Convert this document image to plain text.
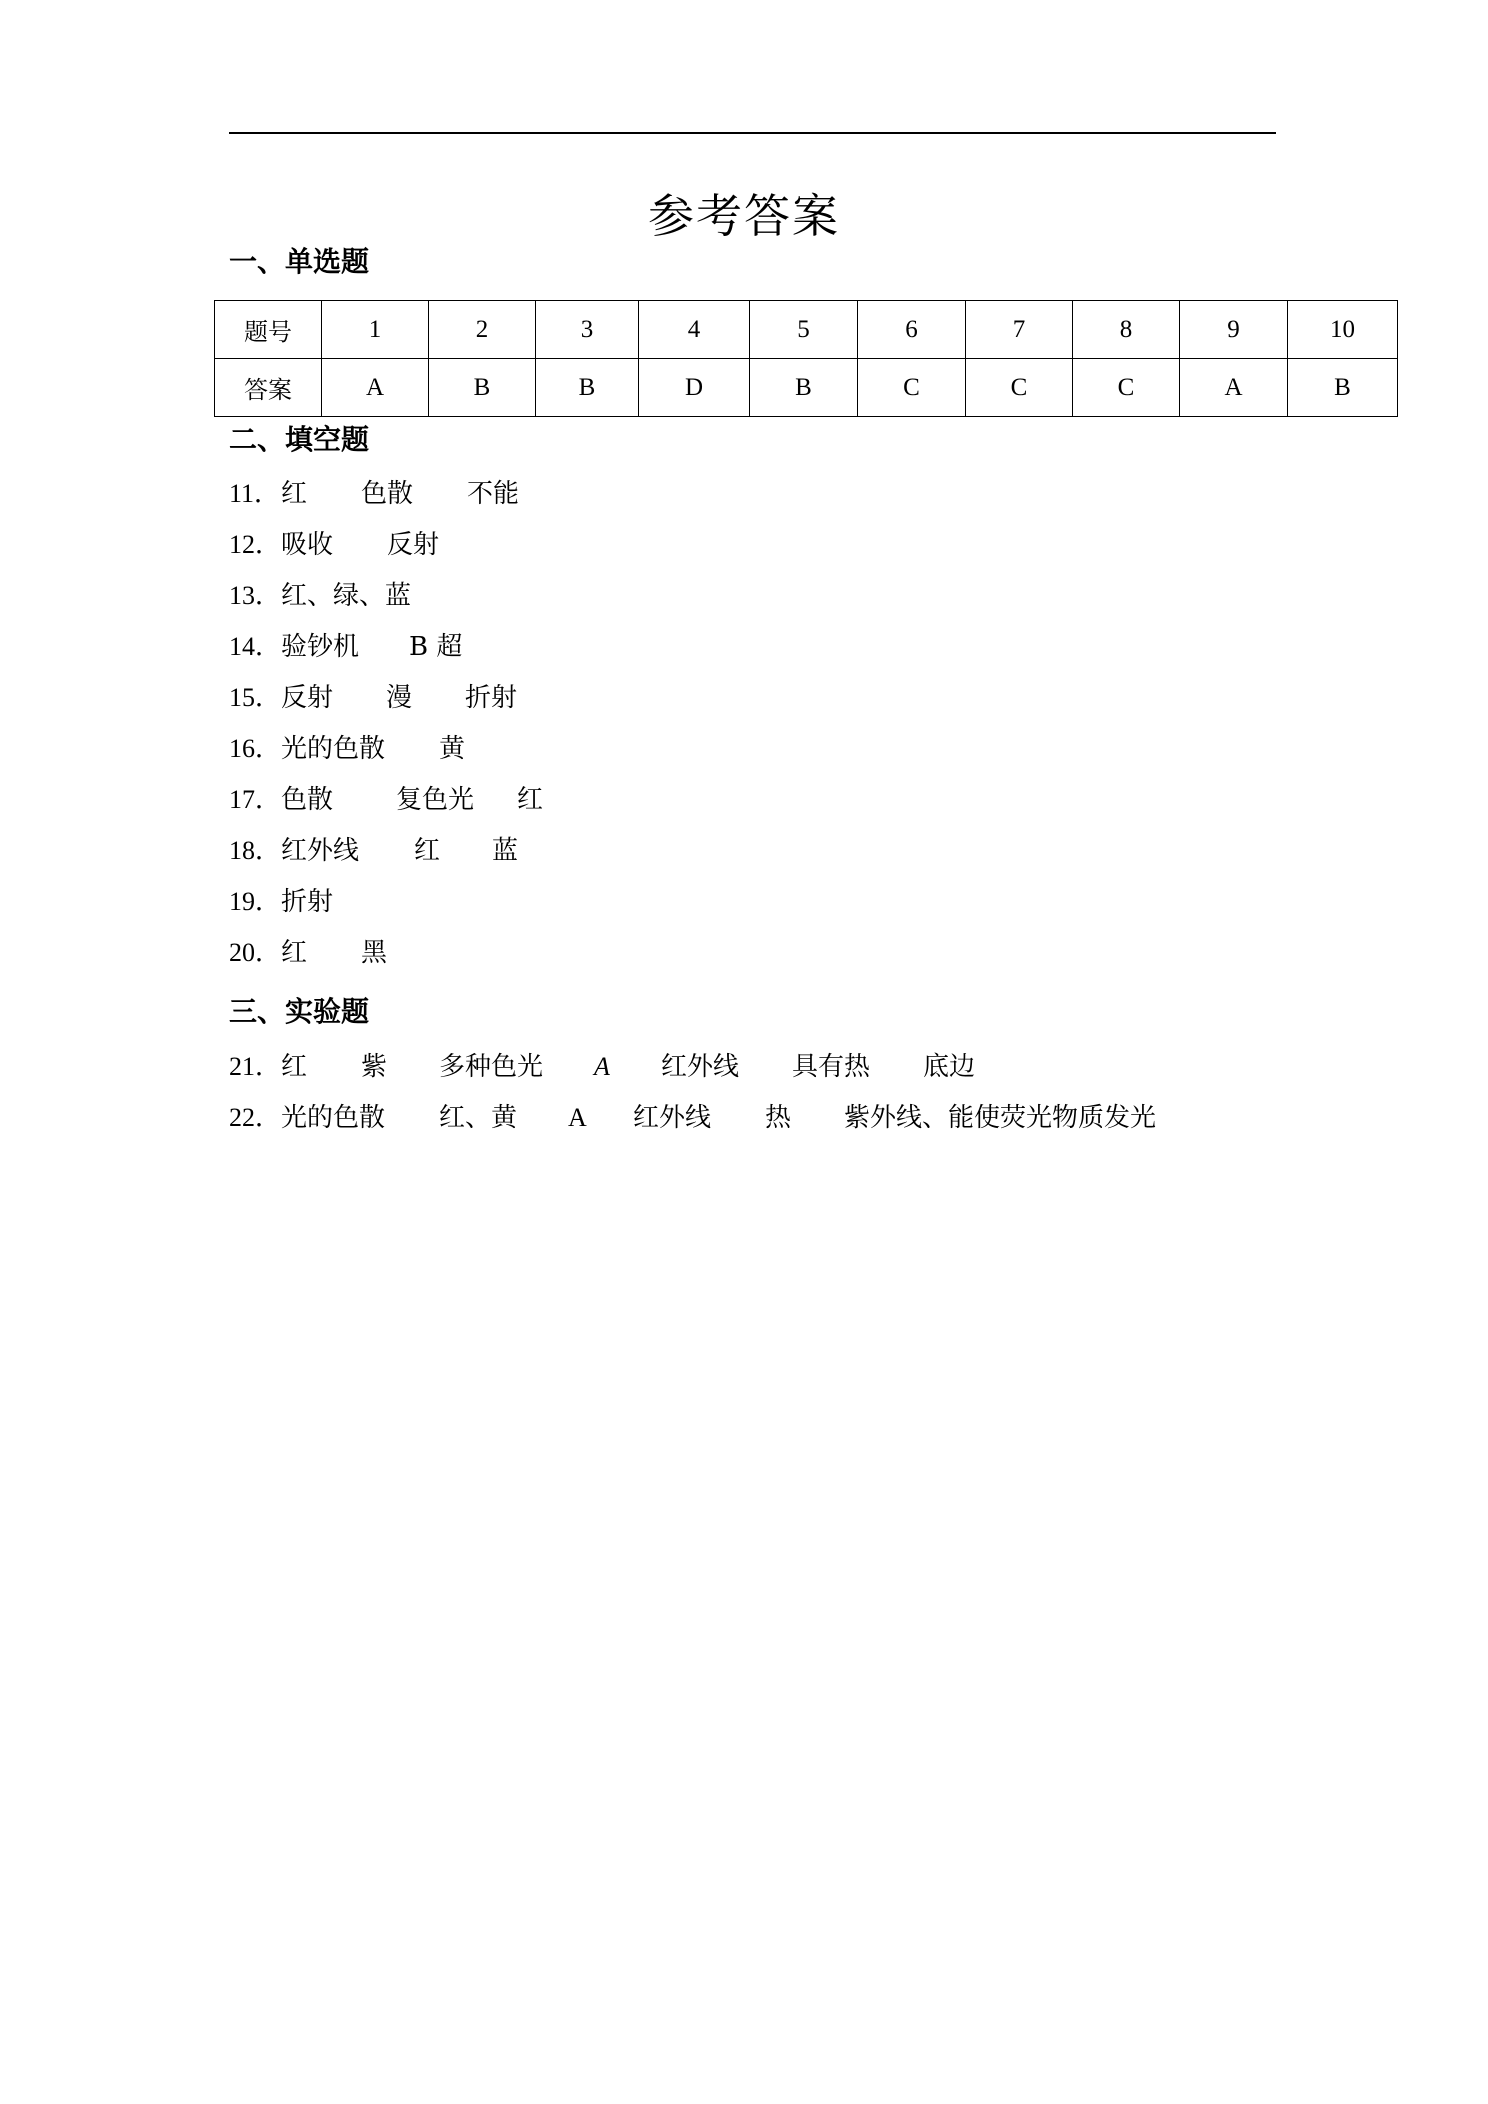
参考答案
一、单选题
题号	1	2	3	4	5	6	7	8	9	10
答案	A	B	B	D	B	C	C	C	A	B
二、填空题
11． 红 色散 不能
12． 吸收 反射
13． 红、绿、蓝
14． 验钞机 B 超
15． 反射 漫 折射
16． 光的色散 黄
17． 色散 复色光 红
18． 红外线 红 蓝
19． 折射
20． 红 黑
三、实验题
21． 红 紫 多种色光 A 红外线 具有热 底边
22． 光的色散 红、黄 A 红外线 热 紫外线、能使荧光物质发光
